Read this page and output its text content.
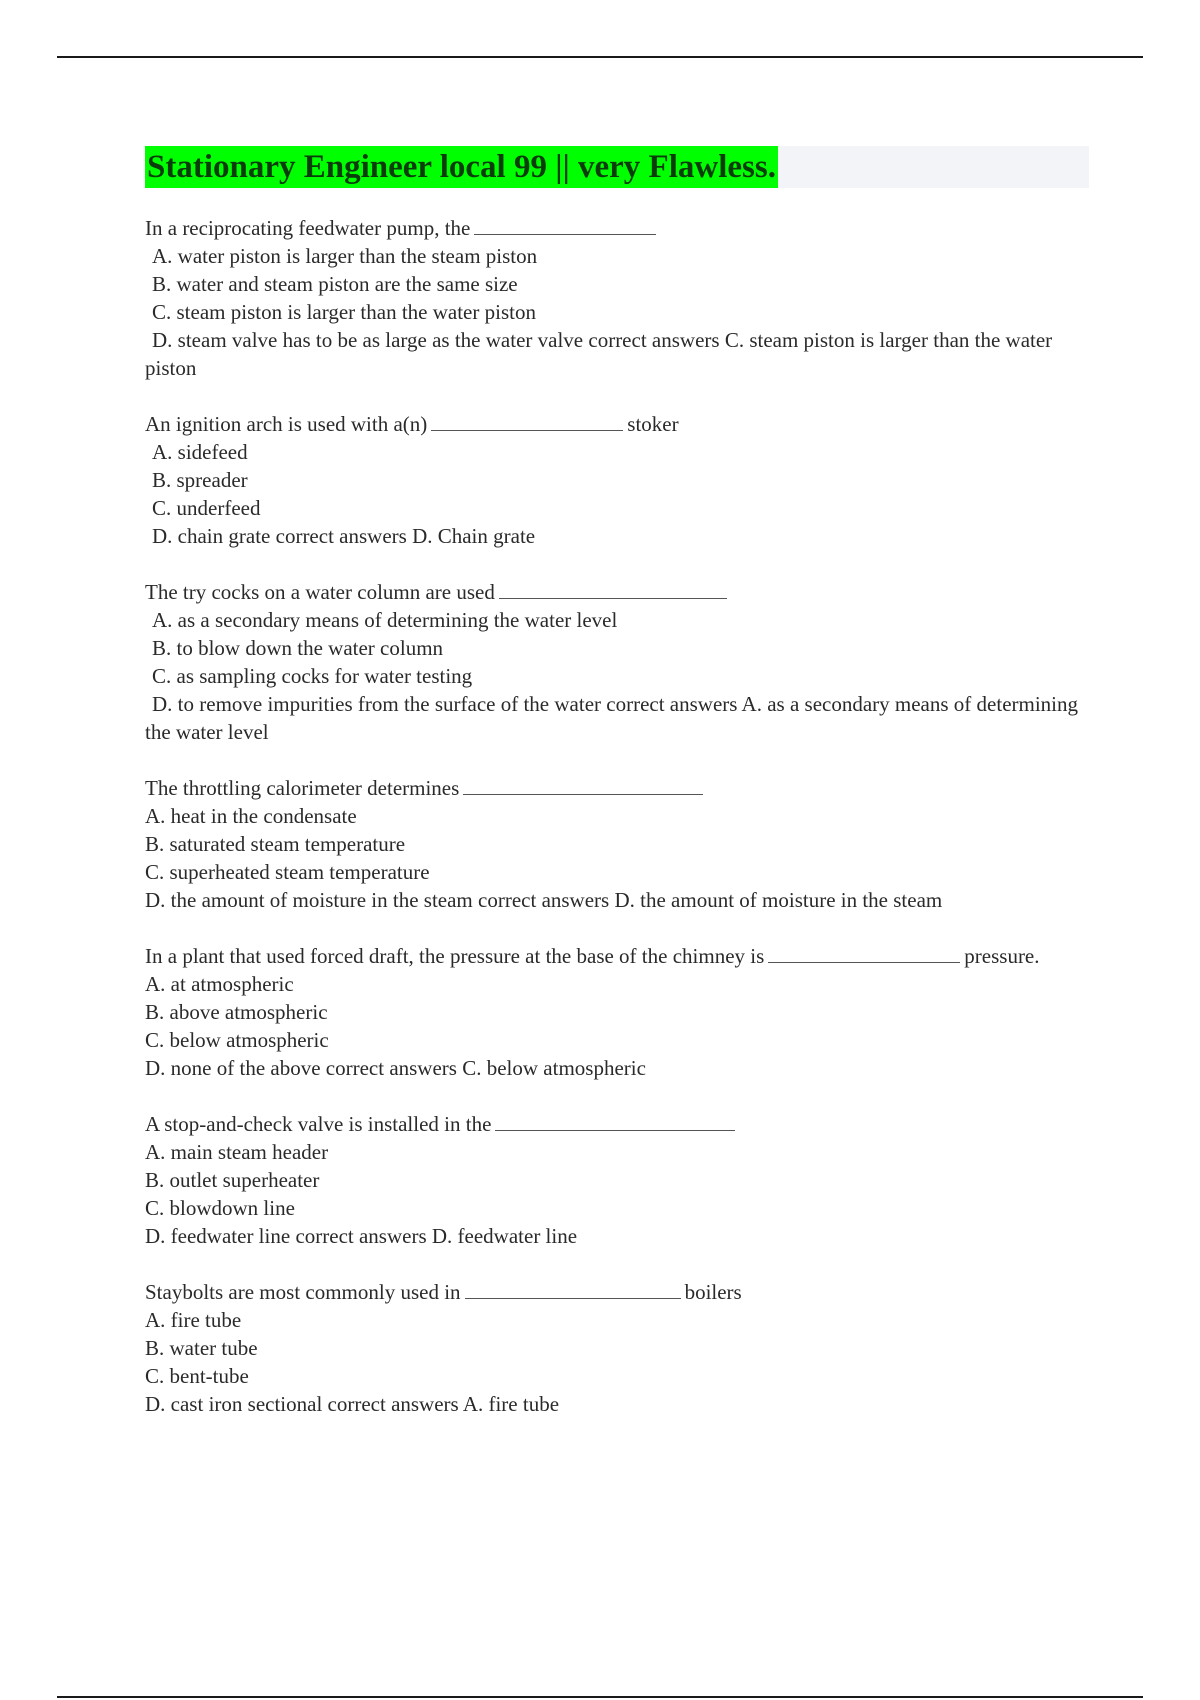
Stationary Engineer local 99 || very Flawless.
In a reciprocating feedwater pump, the
A. water piston is larger than the steam piston
B. water and steam piston are the same size
C. steam piston is larger than the water piston
D. steam valve has to be as large as the water valve correct answers C. steam piston is larger than the water piston
An ignition arch is used with a(n)	stoker
A. sidefeed
B. spreader
C. underfeed
D. chain grate correct answers D. Chain grate
The try cocks on a water column are used
A. as a secondary means of determining the water level
B. to blow down the water column
C. as sampling cocks for water testing
D. to remove impurities from the surface of the water correct answers A. as a secondary means of determining the water level
The throttling calorimeter determines
A. heat in the condensate
B. saturated steam temperature
C. superheated steam temperature
D. the amount of moisture in the steam correct answers D. the amount of moisture in the steam
In a plant that used forced draft, the pressure at the base of the chimney is	pressure.
A. at atmospheric
B. above atmospheric
C. below atmospheric
D. none of the above correct answers C. below atmospheric
A stop-and-check valve is installed in the
A. main steam header
B. outlet superheater
C. blowdown line
D. feedwater line correct answers D. feedwater line
Staybolts are most commonly used in	boilers
A. fire tube
B. water tube
C. bent-tube
D. cast iron sectional correct answers A. fire tube
